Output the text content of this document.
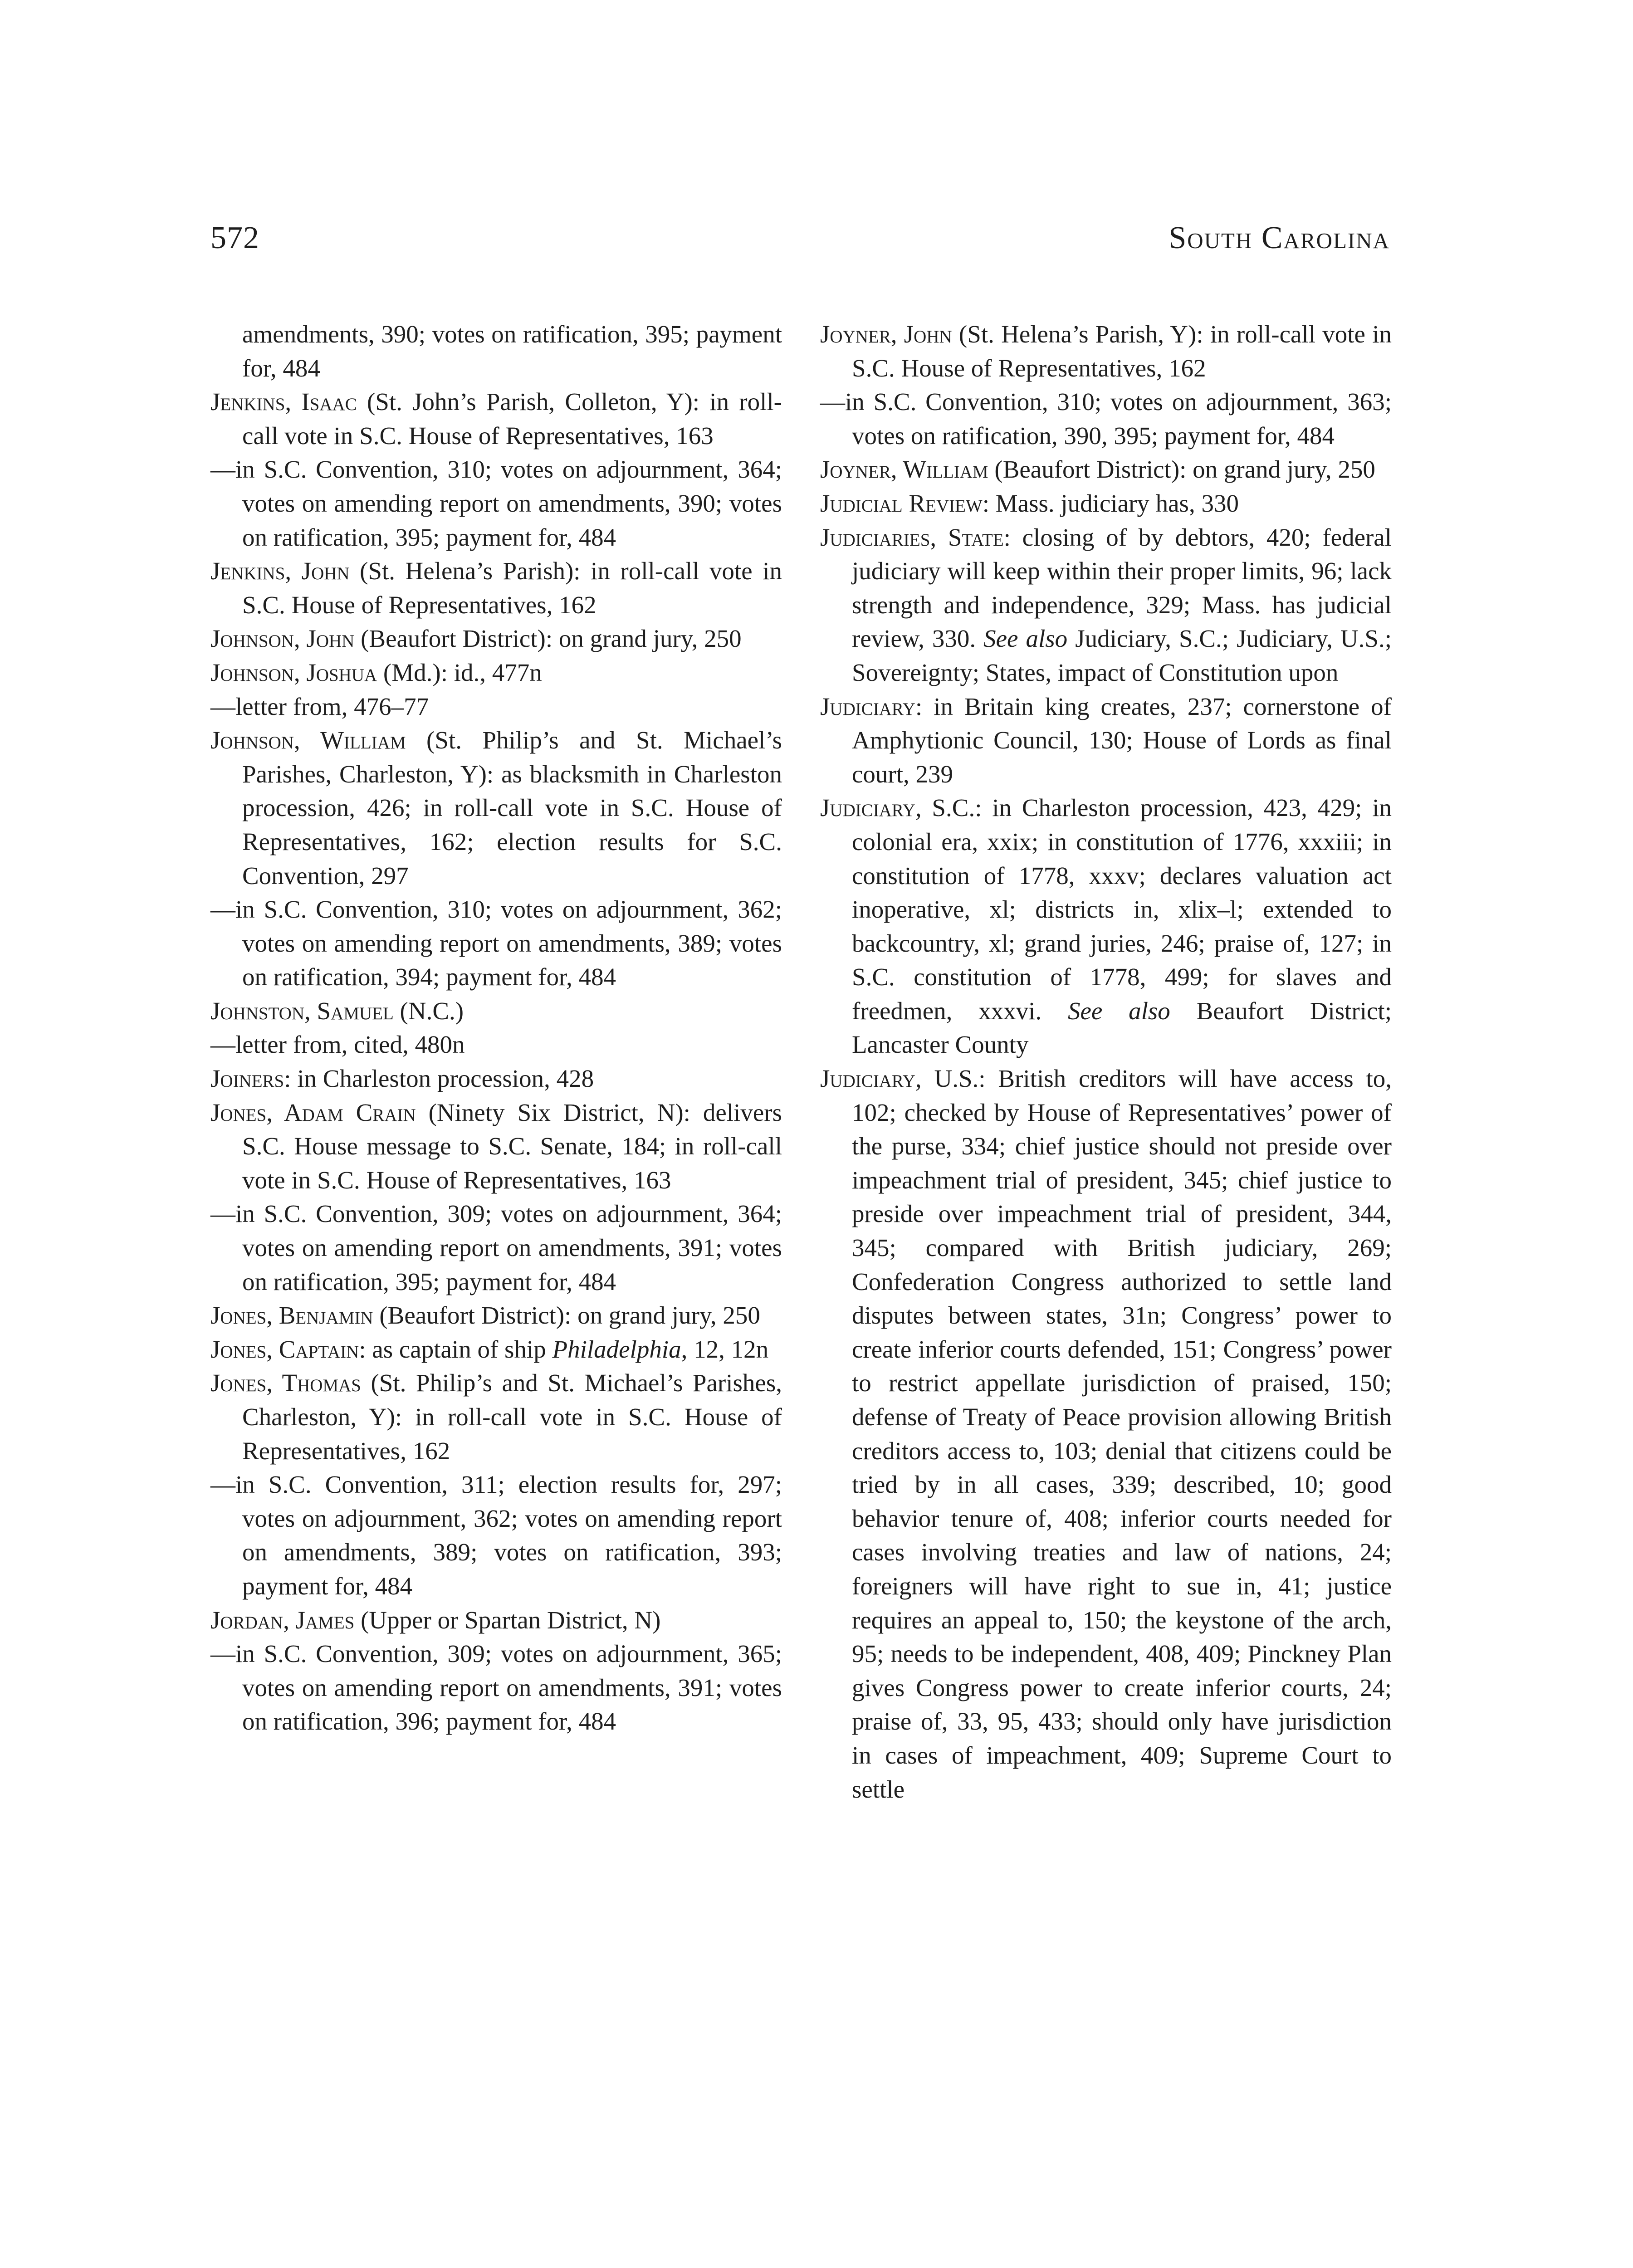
572	South Carolina

amendments, 390; votes on ratification, 395; payment for, 484

Jenkins, Isaac (St. John’s Parish, Colleton, Y): in roll-call vote in S.C. House of Representatives, 163

—in S.C. Convention, 310; votes on adjournment, 364; votes on amending report on amendments, 390; votes on ratification, 395; payment for, 484

Jenkins, John (St. Helena’s Parish): in roll-call vote in S.C. House of Representatives, 162

Johnson, John (Beaufort District): on grand jury, 250

Johnson, Joshua (Md.): id., 477n

—letter from, 476–77

Johnson, William (St. Philip’s and St. Michael’s Parishes, Charleston, Y): as blacksmith in Charleston procession, 426; in roll-call vote in S.C. House of Representatives, 162; election results for S.C. Convention, 297

—in S.C. Convention, 310; votes on adjournment, 362; votes on amending report on amendments, 389; votes on ratification, 394; payment for, 484

Johnston, Samuel (N.C.)

—letter from, cited, 480n

Joiners: in Charleston procession, 428

Jones, Adam Crain (Ninety Six District, N): delivers S.C. House message to S.C. Senate, 184; in roll-call vote in S.C. House of Representatives, 163

—in S.C. Convention, 309; votes on adjournment, 364; votes on amending report on amendments, 391; votes on ratification, 395; payment for, 484

Jones, Benjamin (Beaufort District): on grand jury, 250

Jones, Captain: as captain of ship Philadelphia, 12, 12n

Jones, Thomas (St. Philip’s and St. Michael’s Parishes, Charleston, Y): in roll-call vote in S.C. House of Representatives, 162

—in S.C. Convention, 311; election results for, 297; votes on adjournment, 362; votes on amending report on amendments, 389; votes on ratification, 393; payment for, 484

Jordan, James (Upper or Spartan District, N)

—in S.C. Convention, 309; votes on adjournment, 365; votes on amending report on amendments, 391; votes on ratification, 396; payment for, 484

Joyner, John (St. Helena’s Parish, Y): in roll-call vote in S.C. House of Representatives, 162

—in S.C. Convention, 310; votes on adjournment, 363; votes on ratification, 390, 395; payment for, 484

Joyner, William (Beaufort District): on grand jury, 250

Judicial Review: Mass. judiciary has, 330

Judiciaries, State: closing of by debtors, 420; federal judiciary will keep within their proper limits, 96; lack strength and independence, 329; Mass. has judicial review, 330. See also Judiciary, S.C.; Judiciary, U.S.; Sovereignty; States, impact of Constitution upon

Judiciary: in Britain king creates, 237; cornerstone of Amphytionic Council, 130; House of Lords as final court, 239

Judiciary, S.C.: in Charleston procession, 423, 429; in colonial era, xxix; in constitution of 1776, xxxiii; in constitution of 1778, xxxv; declares valuation act inoperative, xl; districts in, xlix–l; extended to backcountry, xl; grand juries, 246; praise of, 127; in S.C. constitution of 1778, 499; for slaves and freedmen, xxxvi. See also Beaufort District; Lancaster County

Judiciary, U.S.: British creditors will have access to, 102; checked by House of Representatives’ power of the purse, 334; chief justice should not preside over impeachment trial of president, 345; chief justice to preside over impeachment trial of president, 344, 345; compared with British judiciary, 269; Confederation Congress authorized to settle land disputes between states, 31n; Congress’ power to create inferior courts defended, 151; Congress’ power to restrict appellate jurisdiction of praised, 150; defense of Treaty of Peace provision allowing British creditors access to, 103; denial that citizens could be tried by in all cases, 339; described, 10; good behavior tenure of, 408; inferior courts needed for cases involving treaties and law of nations, 24; foreigners will have right to sue in, 41; justice requires an appeal to, 150; the keystone of the arch, 95; needs to be independent, 408, 409; Pinckney Plan gives Congress power to create inferior courts, 24; praise of, 33, 95, 433; should only have jurisdiction in cases of impeachment, 409; Supreme Court to settle
